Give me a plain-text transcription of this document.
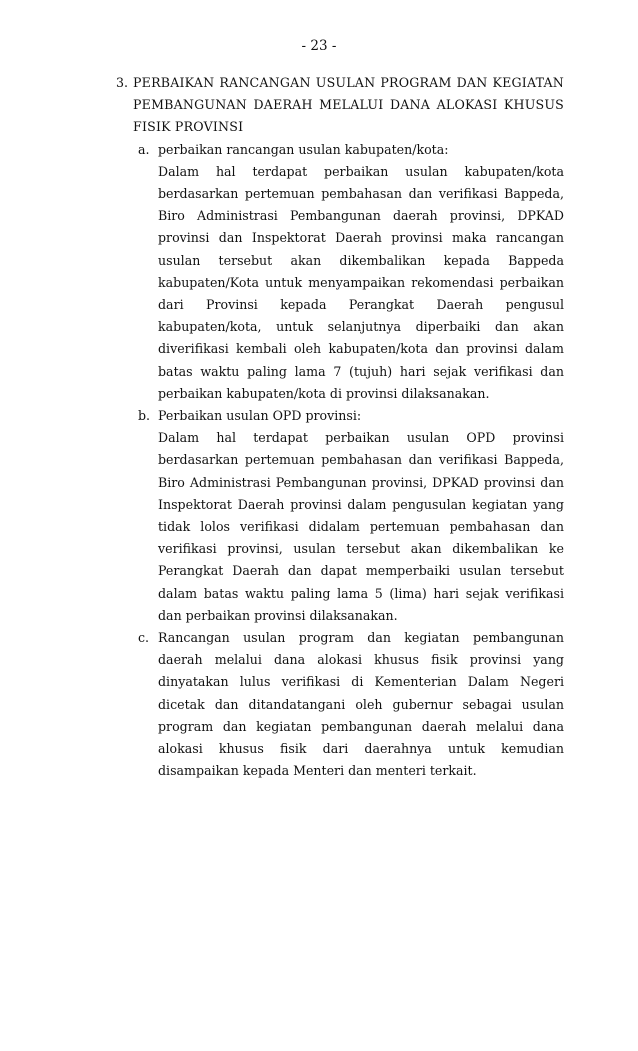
- 23 -
3. PERBAIKAN RANCANGAN USULAN PROGRAM DAN KEGIATAN PEMBANGUNAN DAERAH MELALUI DANA ALOKASI KHUSUS FISIK PROVINSI
a. perbaikan rancangan usulan kabupaten/kota:
Dalam hal terdapat perbaikan usulan kabupaten/kota berdasarkan pertemuan pembahasan dan verifikasi Bappeda, Biro Administrasi Pembangunan daerah provinsi, DPKAD provinsi dan Inspektorat Daerah provinsi maka rancangan usulan tersebut akan dikembalikan kepada Bappeda kabupaten/Kota untuk menyampaikan rekomendasi perbaikan dari Provinsi kepada Perangkat Daerah pengusul kabupaten/kota, untuk selanjutnya diperbaiki dan akan diverifikasi kembali oleh kabupaten/kota dan provinsi dalam batas waktu paling lama 7 (tujuh) hari sejak verifikasi dan perbaikan kabupaten/kota di provinsi dilaksanakan.
b. Perbaikan usulan OPD provinsi:
Dalam hal terdapat perbaikan usulan OPD provinsi berdasarkan pertemuan pembahasan dan verifikasi Bappeda, Biro Administrasi Pembangunan provinsi, DPKAD provinsi dan Inspektorat Daerah provinsi dalam pengusulan kegiatan yang tidak lolos verifikasi didalam pertemuan pembahasan dan verifikasi provinsi, usulan tersebut akan dikembalikan ke Perangkat Daerah dan dapat memperbaiki usulan tersebut dalam batas waktu paling lama 5 (lima) hari sejak verifikasi dan perbaikan provinsi dilaksanakan.
c. Rancangan usulan program dan kegiatan pembangunan daerah melalui dana alokasi khusus fisik provinsi yang dinyatakan lulus verifikasi di Kementerian Dalam Negeri dicetak dan ditandatangani oleh gubernur sebagai usulan program dan kegiatan pembangunan daerah melalui dana alokasi khusus fisik dari daerahnya untuk kemudian disampaikan kepada Menteri dan menteri terkait.
